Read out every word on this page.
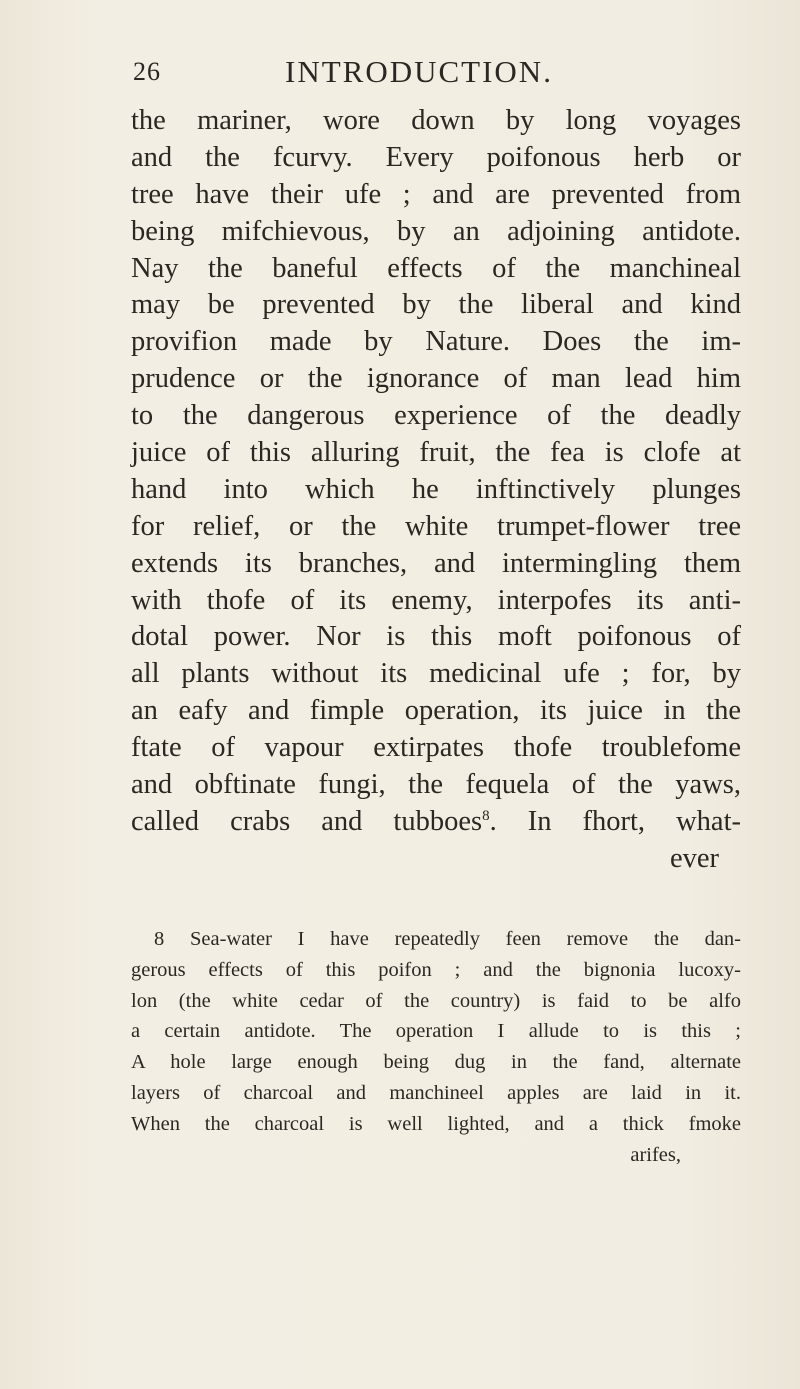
26	INTRODUCTION.
the mariner, wore down by long voyages
and the fcurvy. Every poifonous herb or
tree have their ufe ; and are prevented from
being mifchievous, by an adjoining antidote.
Nay the baneful effects of the manchineal
may be prevented by the liberal and kind
provifion made by Nature. Does the im-
prudence or the ignorance of man lead him
to the dangerous experience of the deadly
juice of this alluring fruit, the fea is clofe at
hand into which he inftinctively plunges
for relief, or the white trumpet-flower tree
extends its branches, and intermingling them
with thofe of its enemy, interpofes its anti-
dotal power. Nor is this moft poifonous of
all plants without its medicinal ufe ; for, by
an eafy and fimple operation, its juice in the
ftate of vapour extirpates thofe troublefome
and obftinate fungi, the fequela of the yaws,
called crabs and tubboes$^8$. In fhort, what-
ever
8 Sea-water I have repeatedly feen remove the dan-
gerous effects of this poifon ; and the bignonia lucoxy-
lon (the white cedar of the country) is faid to be alfo
a certain antidote. The operation I allude to is this ;
A hole large enough being dug in the fand, alternate
layers of charcoal and manchineel apples are laid in it.
When the charcoal is well lighted, and a thick fmoke
arifes,
